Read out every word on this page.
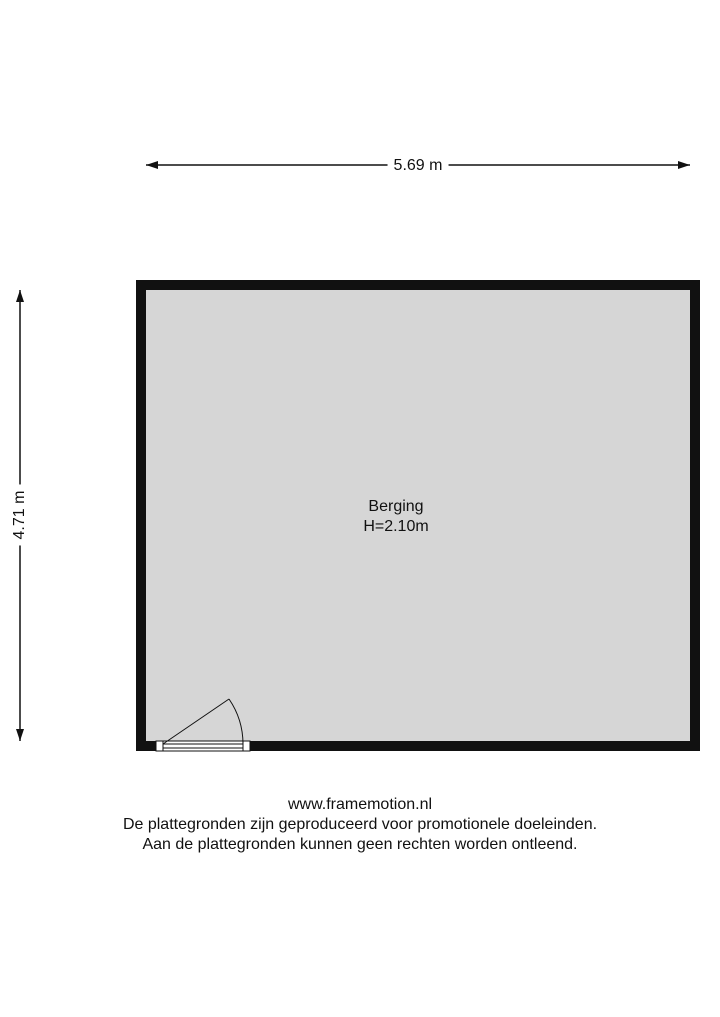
5.69 m
4.71 m	Berging
H=2.10m
www.framemotion.nl
De plattegronden zijn geproduceerd voor promotionele doeleinden.
Aan de plattegronden kunnen geen rechten worden ontleend.
